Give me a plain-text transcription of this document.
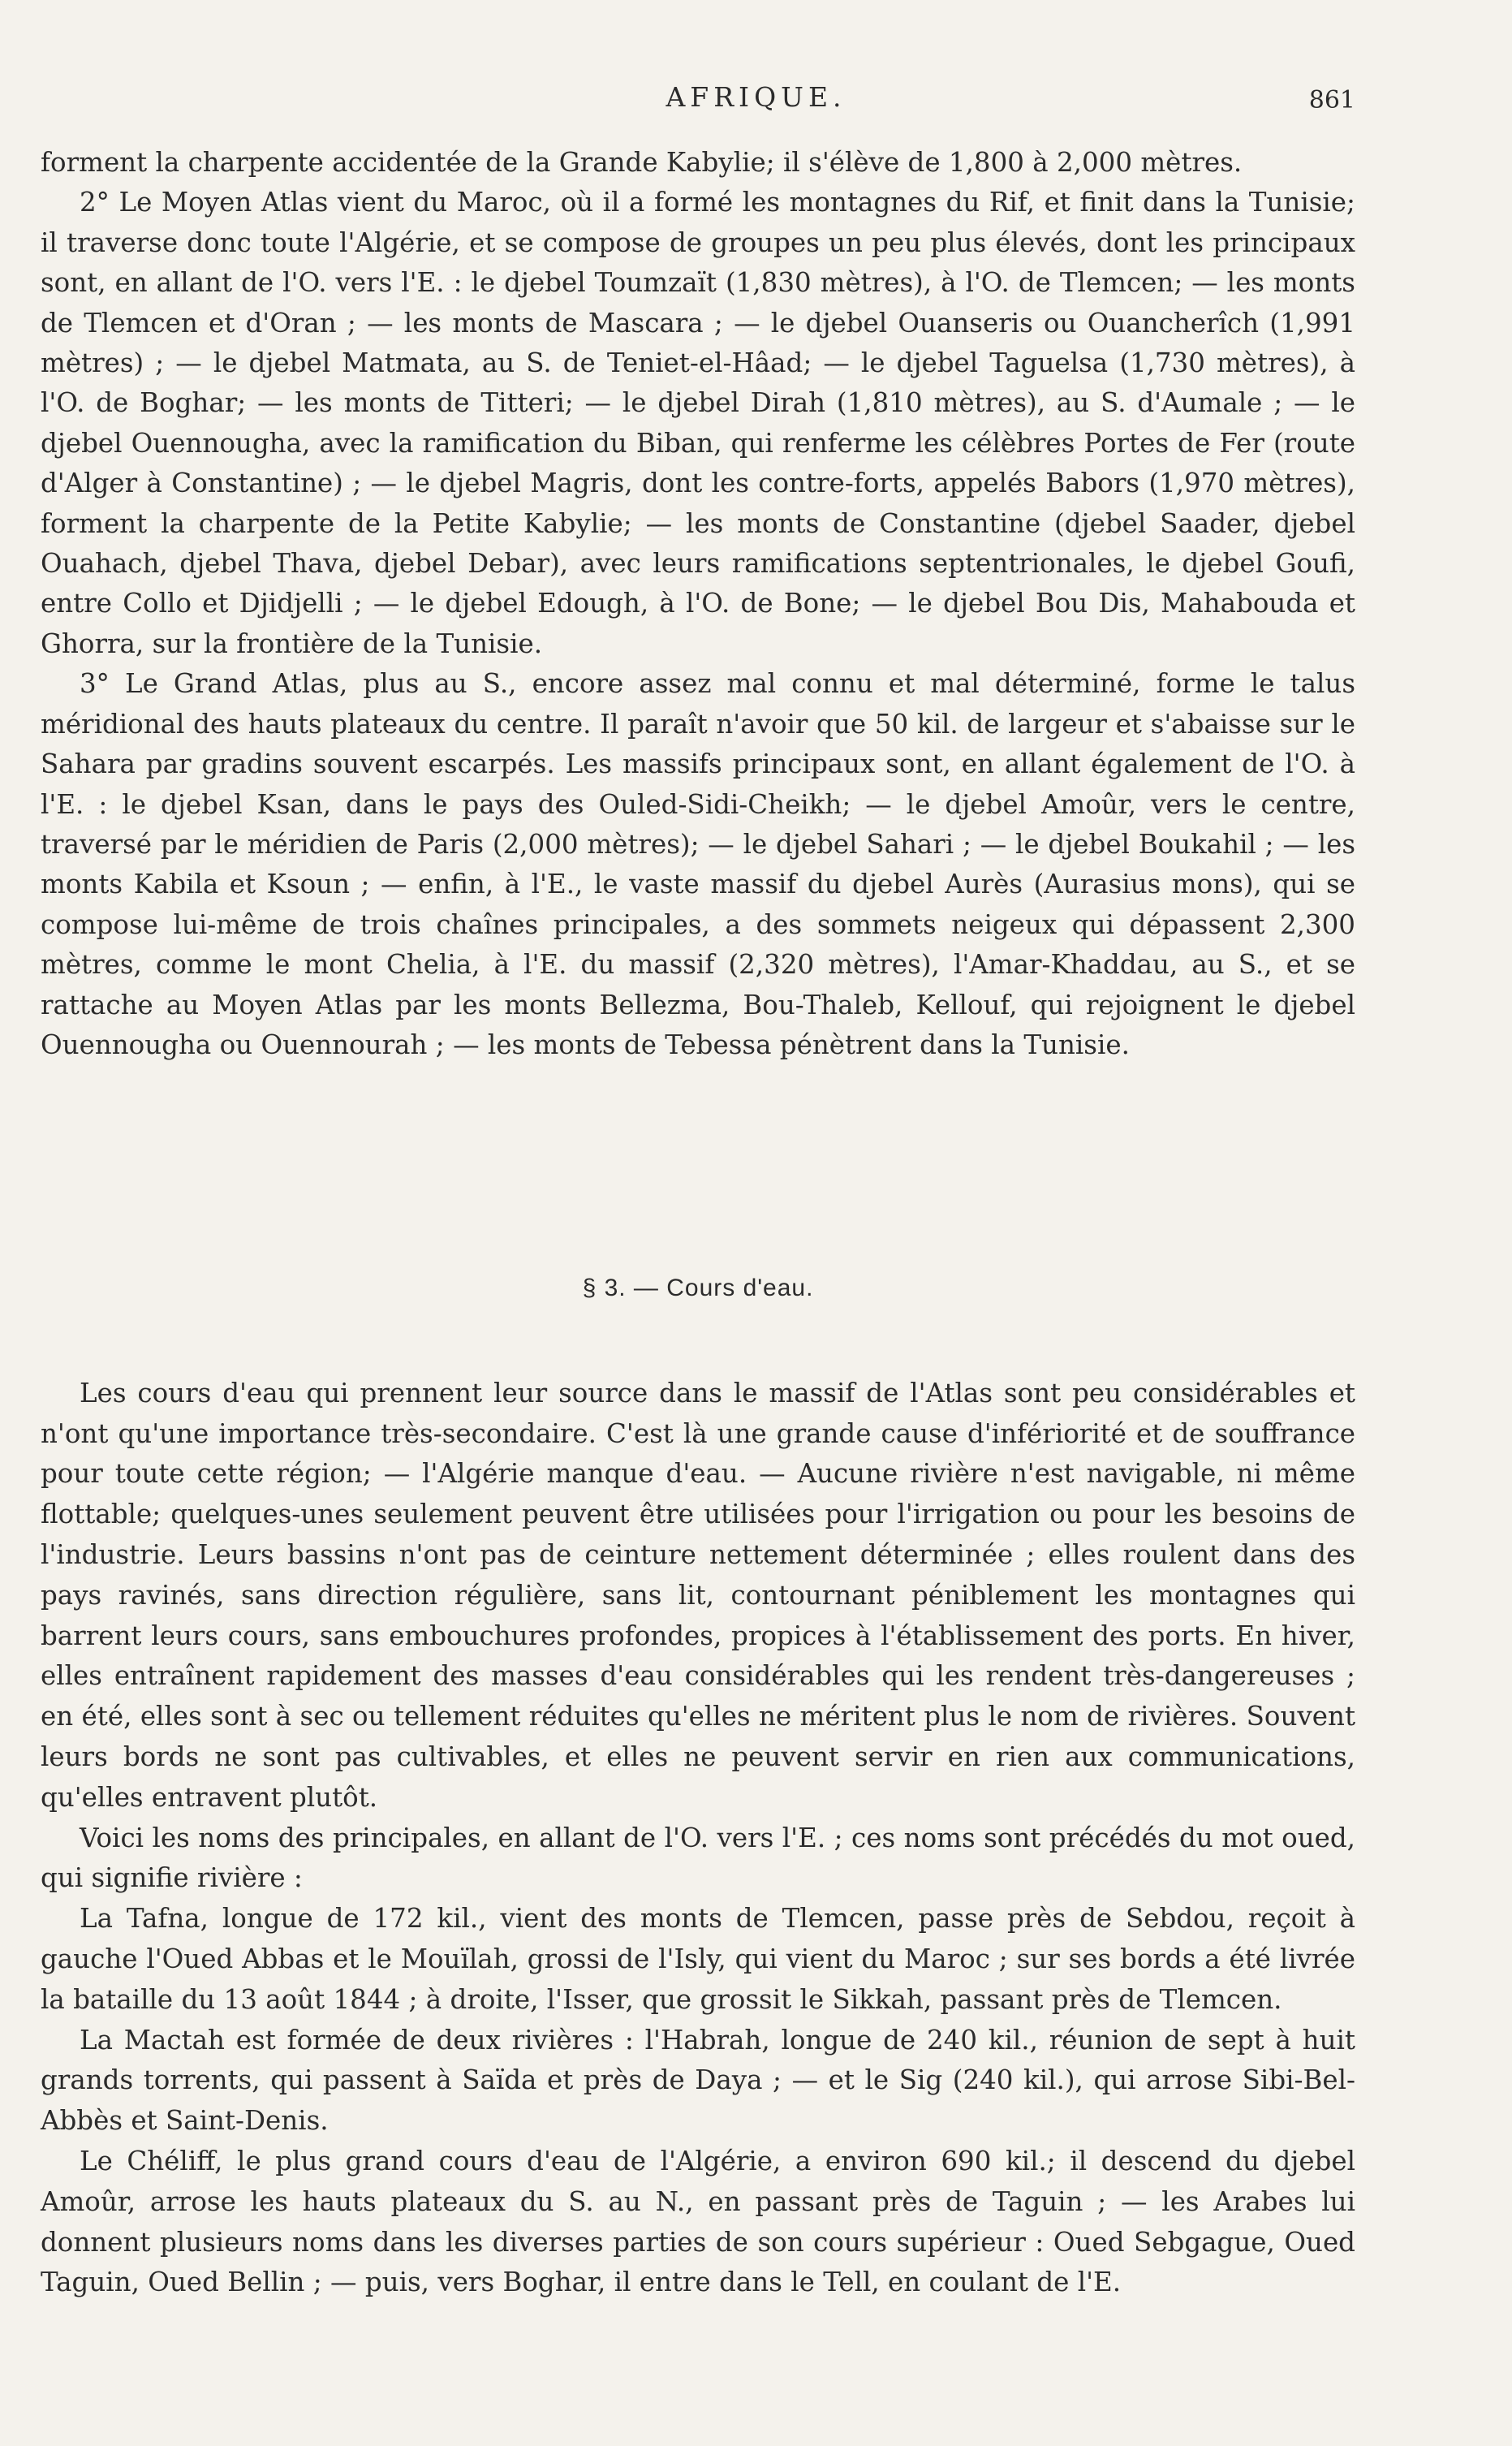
AFRIQUE.	861

forment la charpente accidentée de la Grande Kabylie; il s'élève de 1,800 à 2,000 mètres.

2° Le Moyen Atlas vient du Maroc, où il a formé les montagnes du Rif, et finit dans la Tunisie; il traverse donc toute l'Algérie, et se compose de groupes un peu plus élevés, dont les principaux sont, en allant de l'O. vers l'E. : le djebel Toumzaït (1,830 mètres), à l'O. de Tlemcen; — les monts de Tlemcen et d'Oran ; — les monts de Mascara ; — le djebel Ouanseris ou Ouancherîch (1,991 mètres) ; — le djebel Matmata, au S. de Teniet-el-Hâad; — le djebel Taguelsa (1,730 mètres), à l'O. de Boghar; — les monts de Titteri; — le djebel Dirah (1,810 mètres), au S. d'Aumale ; — le djebel Ouennougha, avec la ramification du Biban, qui renferme les célèbres Portes de Fer (route d'Alger à Constantine) ; — le djebel Magris, dont les contre-forts, appelés Babors (1,970 mètres), forment la charpente de la Petite Kabylie; — les monts de Constantine (djebel Saader, djebel Ouahach, djebel Thava, djebel Debar), avec leurs ramifications septentrionales, le djebel Goufi, entre Collo et Djidjelli ; — le djebel Edough, à l'O. de Bone; — le djebel Bou Dis, Mahabouda et Ghorra, sur la frontière de la Tunisie.

3° Le Grand Atlas, plus au S., encore assez mal connu et mal déterminé, forme le talus méridional des hauts plateaux du centre. Il paraît n'avoir que 50 kil. de largeur et s'abaisse sur le Sahara par gradins souvent escarpés. Les massifs principaux sont, en allant également de l'O. à l'E. : le djebel Ksan, dans le pays des Ouled-Sidi-Cheikh; — le djebel Amoûr, vers le centre, traversé par le méridien de Paris (2,000 mètres); — le djebel Sahari ; — le djebel Boukahil ; — les monts Kabila et Ksoun ; — enfin, à l'E., le vaste massif du djebel Aurès (Aurasius mons), qui se compose lui-même de trois chaînes principales, a des sommets neigeux qui dépassent 2,300 mètres, comme le mont Chelia, à l'E. du massif (2,320 mètres), l'Amar-Khaddau, au S., et se rattache au Moyen Atlas par les monts Bellezma, Bou-Thaleb, Kellouf, qui rejoignent le djebel Ouennougha ou Ouennourah ; — les monts de Tebessa pénètrent dans la Tunisie.

§ 3. — Cours d'eau.

Les cours d'eau qui prennent leur source dans le massif de l'Atlas sont peu considérables et n'ont qu'une importance très-secondaire. C'est là une grande cause d'infériorité et de souffrance pour toute cette région; — l'Algérie manque d'eau. — Aucune rivière n'est navigable, ni même flottable; quelques-unes seulement peuvent être utilisées pour l'irrigation ou pour les besoins de l'industrie. Leurs bassins n'ont pas de ceinture nettement déterminée ; elles roulent dans des pays ravinés, sans direction régulière, sans lit, contournant péniblement les montagnes qui barrent leurs cours, sans embouchures profondes, propices à l'établissement des ports. En hiver, elles entraînent rapidement des masses d'eau considérables qui les rendent très-dangereuses ; en été, elles sont à sec ou tellement réduites qu'elles ne méritent plus le nom de rivières. Souvent leurs bords ne sont pas cultivables, et elles ne peuvent servir en rien aux communications, qu'elles entravent plutôt.

Voici les noms des principales, en allant de l'O. vers l'E. ; ces noms sont précédés du mot oued, qui signifie rivière :

La Tafna, longue de 172 kil., vient des monts de Tlemcen, passe près de Sebdou, reçoit à gauche l'Oued Abbas et le Mouïlah, grossi de l'Isly, qui vient du Maroc ; sur ses bords a été livrée la bataille du 13 août 1844 ; à droite, l'Isser, que grossit le Sikkah, passant près de Tlemcen.

La Mactah est formée de deux rivières : l'Habrah, longue de 240 kil., réunion de sept à huit grands torrents, qui passent à Saïda et près de Daya ; — et le Sig (240 kil.), qui arrose Sibi-Bel-Abbès et Saint-Denis.

Le Chéliff, le plus grand cours d'eau de l'Algérie, a environ 690 kil.; il descend du djebel Amoûr, arrose les hauts plateaux du S. au N., en passant près de Taguin ; — les Arabes lui donnent plusieurs noms dans les diverses parties de son cours supérieur : Oued Sebgague, Oued Taguin, Oued Bellin ; — puis, vers Boghar, il entre dans le Tell, en coulant de l'E.
